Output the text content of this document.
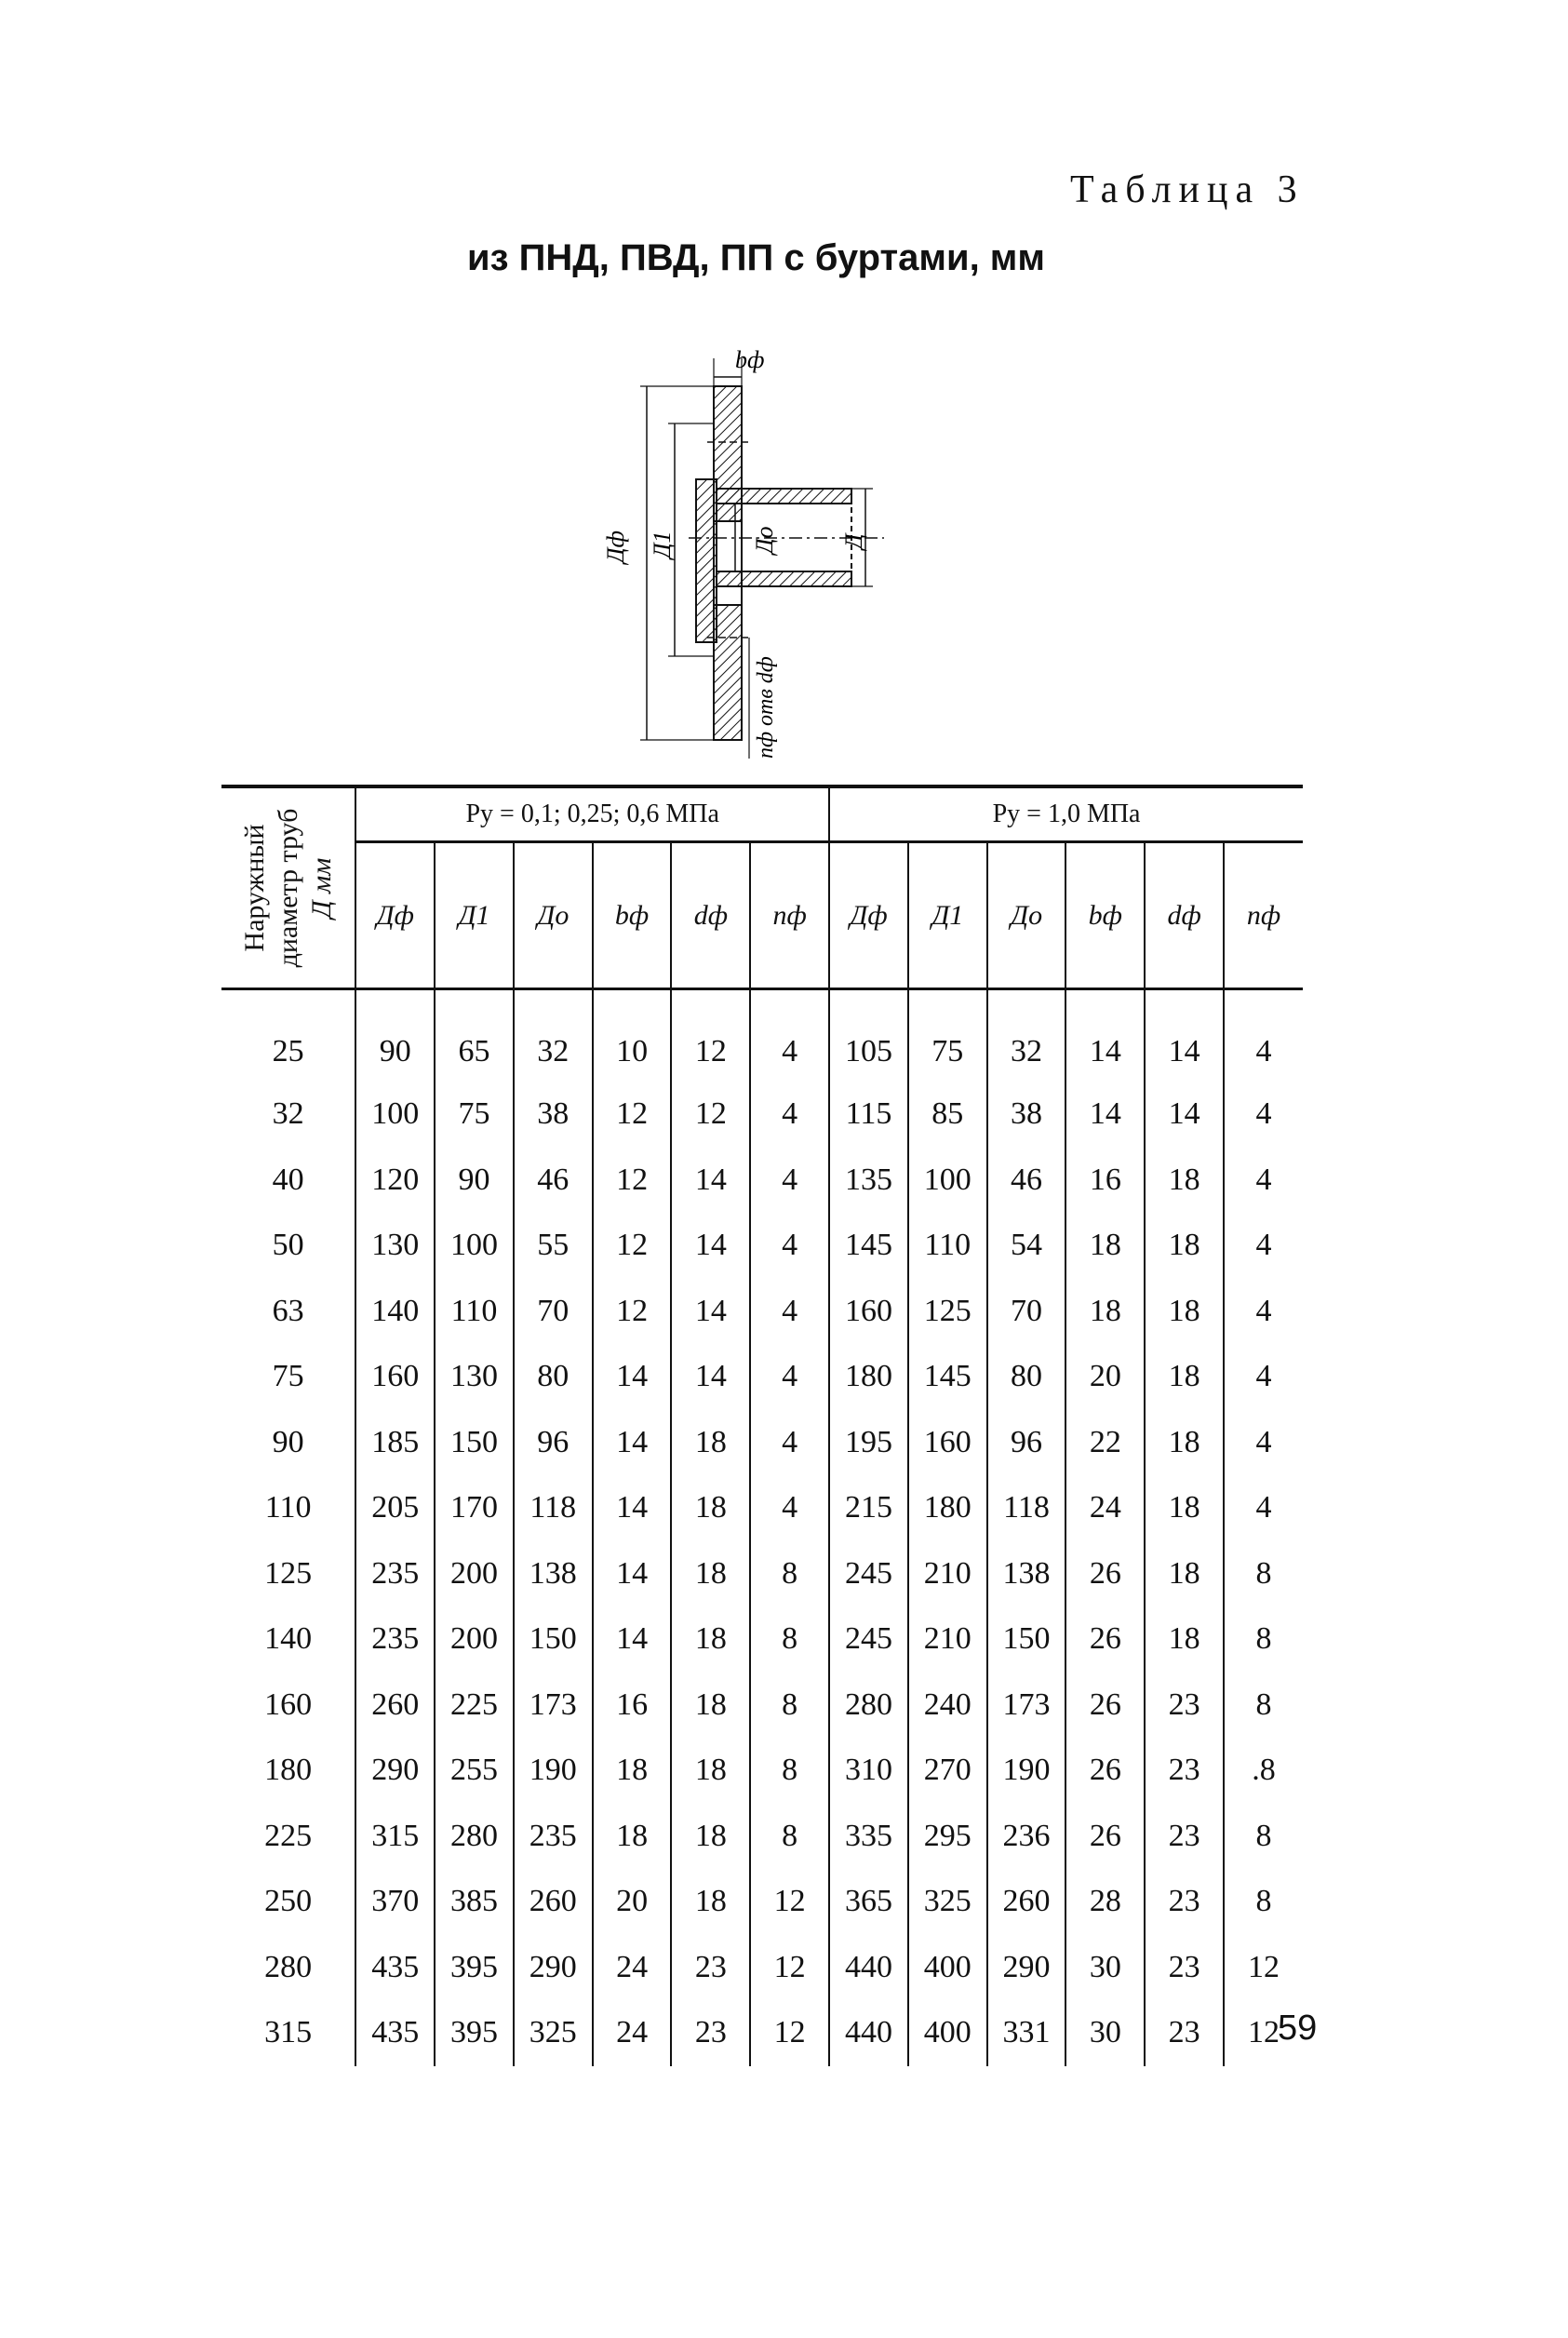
Таблица 3
из ПНД, ПВД, ПП с буртами, мм
bф
Дф Д1	До	Д
nф отв dф
Наружный диаметр труб Д мм	Pу = 0,1; 0,25; 0,6 МПа						Pу = 1,0 МПа					
	Дф	Д1	До	bф	dф	nф	Дф	Д1	До	bф	dф	nф
25	90	65	32	10	12	4	105	75	32	14	14	4
32	100	75	38	12	12	4	115	85	38	14	14	4
40	120	90	46	12	14	4	135	100	46	16	18	4
50	130	100	55	12	14	4	145	110	54	18	18	4
63	140	110	70	12	14	4	160	125	70	18	18	4
75	160	130	80	14	14	4	180	145	80	20	18	4
90	185	150	96	14	18	4	195	160	96	22	18	4
110	205	170	118	14	18	4	215	180	118	24	18	4
125	235	200	138	14	18	8	245	210	138	26	18	8
140	235	200	150	14	18	8	245	210	150	26	18	8
160	260	225	173	16	18	8	280	240	173	26	23	8
180	290	255	190	18	18	8	310	270	190	26	23	.8
225	315	280	235	18	18	8	335	295	236	26	23	8
250	370	385	260	20	18	12	365	325	260	28	23	8
280	435	395	290	24	23	12	440	400	290	30	23	12
315	435	395	325	24	23	12	440	400	331	30	23	12
59
